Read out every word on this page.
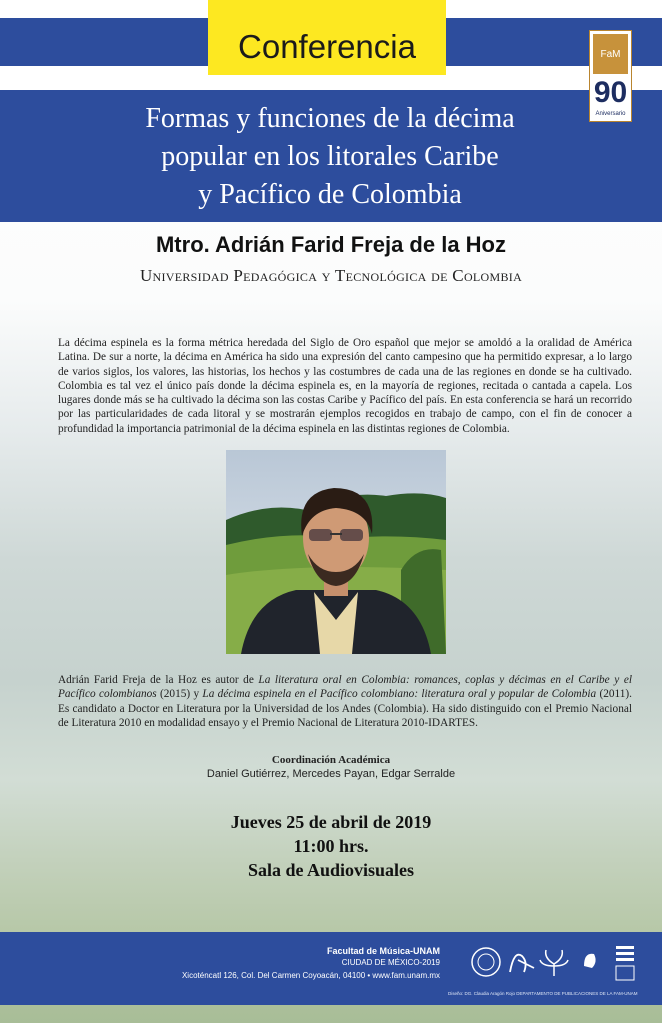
Conferencia	FaM
90
Aniversario
Formas y funciones de la décima
popular en los litorales Caribe
y Pacífico de Colombia
Mtro. Adrián Farid Freja de la Hoz
Universidad Pedagógica y Tecnológica de Colombia

La décima espinela es la forma métrica heredada del Siglo de Oro español que mejor se amoldó a la oralidad de América Latina. De sur a norte, la décima en América ha sido una expresión del canto campesino que ha permitido expresar, a lo largo de varios siglos, los valores, las historias, los hechos y las costumbres de cada una de las regiones en donde se ha cultivado. Colombia es tal vez el único país donde la décima espinela es, en la mayoría de regiones, recitada o cantada a capela. Los lugares donde más se ha cultivado la décima son las costas Caribe y Pacífico del país. En esta conferencia se hará un recorrido por las particularidades de cada litoral y se mostrarán ejemplos recogidos en trabajo de campo, con el fin de conocer a profundidad la importancia patrimonial de la décima espinela en las distintas regiones de Colombia.

Adrián Farid Freja de la Hoz es autor de La literatura oral en Colombia: romances, coplas y décimas en el Caribe y el Pacífico colombianos (2015) y La décima espinela en el Pacífico colombiano: literatura oral y popular de Colombia (2011). Es candidato a Doctor en Literatura por la Universidad de los Andes (Colombia). Ha sido distinguido con el Premio Nacional de Literatura 2010 en modalidad ensayo y el Premio Nacional de Literatura 2010-IDARTES.

Coordinación Académica
Daniel Gutiérrez, Mercedes Payan, Edgar Serralde
Jueves 25 de abril de 2019
11:00 hrs.
Sala de Audiovisuales
Facultad de Música-UNAM
CIUDAD DE MÉXICO-2019
Xicoténcatl 126, Col. Del Carmen Coyoacán, 04100 • www.fam.unam.mx
Diseño: DG. Claudia Aragón Rojo DEPARTAMENTO DE PUBLICACIONES DE LA FAM-UNAM
